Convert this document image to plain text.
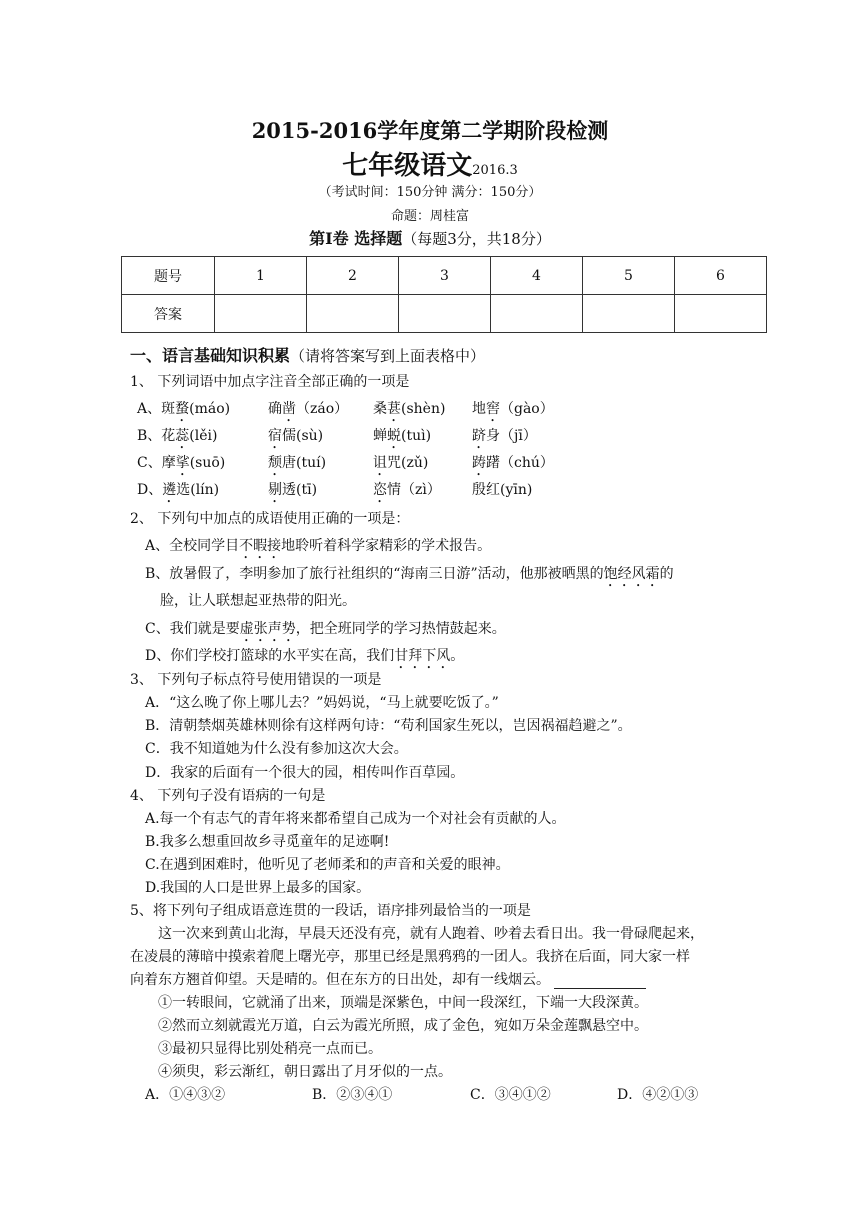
2015-2016学年度第二学期阶段检测
七年级语文2016.3
（考试时间：150分钟 满分：150分）
命题：周桂富
第Ⅰ卷 选择题（每题3分，共18分）
题号	1	2	3	4	5	6
答案						
一、语言基础知识积累（请将答案写到上面表格中）
1、 下列词语中加点字注音全部正确的一项是
A、斑蝥(máo)	确凿（záo） 桑葚(shèn) 地窖（gào）
B、花蕊(lěi)	宿儒(sù)	蝉蜕(tuì)	跻身（jī）
C、摩挲(suō)	颓唐(tuí)	诅咒(zǔ)	踌躇（chú）
D、遴选(lín)	剔透(tī)	恣情（zì） 殷红(yīn)
2、 下列句中加点的成语使用正确的一项是：
A、全校同学目不暇接地聆听着科学家精彩的学术报告。
B、放暑假了，李明参加了旅行社组织的“海南三日游”活动，他那被晒黑的饱经风霜的
脸，让人联想起亚热带的阳光。
C、我们就是要虚张声势，把全班同学的学习热情鼓起来。
D、你们学校打篮球的水平实在高，我们甘拜下风。
3、 下列句子标点符号使用错误的一项是
A．“这么晚了你上哪儿去？”妈妈说，“马上就要吃饭了。”
B．清朝禁烟英雄林则徐有这样两句诗：“苟利国家生死以，岂因祸福趋避之”。
C．我不知道她为什么没有参加这次大会。
D．我家的后面有一个很大的园，相传叫作百草园。
4、 下列句子没有语病的一句是
A.每一个有志气的青年将来都希望自己成为一个对社会有贡献的人。
B.我多么想重回故乡寻觅童年的足迹啊!
C.在遇到困难时，他听见了老师柔和的声音和关爱的眼神。
D.我国的人口是世界上最多的国家。
5、将下列句子组成语意连贯的一段话，语序排列最恰当的一项是
这一次来到黄山北海，早晨天还没有亮，就有人跑着、吵着去看日出。我一骨碌爬起来，
在凌晨的薄暗中摸索着爬上曙光亭，那里已经是黑鸦鸦的一团人。我挤在后面，同大家一样
向着东方翘首仰望。天是晴的。但在东方的日出处，却有一线烟云。
①一转眼间，它就涌了出来，顶端是深紫色，中间一段深红，下端一大段深黄。
②然而立刻就霞光万道，白云为霞光所照，成了金色，宛如万朵金莲飘悬空中。
③最初只显得比别处稍亮一点而已。
④须臾，彩云渐红，朝日露出了月牙似的一点。
A．①④③②	B．②③④①	C．③④①②	D．④②①③
